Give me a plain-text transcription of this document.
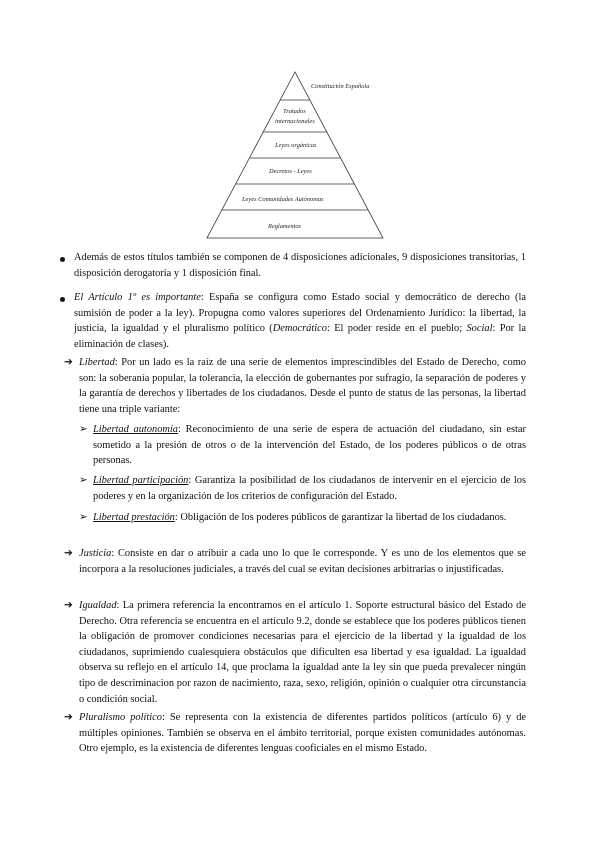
Constitución Española
Tratados
internacionales
Leyes orgánicas
Decretos - Leyes
Leyes Comunidades Autónomas
Reglamentos
Además de estos títulos también se componen de 4 disposiciones adicionales, 9 disposiciones transitorias, 1 disposición derogatoria y 1 disposición final.
El Artículo 1º es importante: España se configura como Estado social y democrático de derecho (la sumisión de poder a la ley). Propugna como valores superiores del Ordenamiento Jurídico: la libertad, la justicia, la igualdad y el pluralismo político (Democrático: El poder reside en el pueblo; Social: Por la eliminación de clases).
➔ Libertad: Por un lado es la raíz de una serie de elementos imprescindibles del Estado de Derecho, como son: la soberanía popular, la tolerancia, la elección de gobernantes por sufragio, la separación de poderes y la garantía de derechos y libertades de los ciudadanos. Desde el punto de status de las personas, la libertad tiene una triple variante:
➢ Libertad autonomía: Reconocimiento de una serie de espera de actuación del ciudadano, sin estar sometido a la presión de otros o de la intervención del Estado, de los poderes públicos o de otras personas.
➢ Libertad participación: Garantiza la posibilidad de los ciudadanos de intervenir en el ejercicio de los poderes y en la organización de los criterios de configuración del Estado.
➢ Libertad prestación: Obligación de los poderes públicos de garantizar la libertad de los ciudadanos.
➔ Justicia: Consiste en dar o atribuir a cada uno lo que le corresponde. Y es uno de los elementos que se incorpora a la resoluciones judiciales, a través del cual se evitan decisiones arbitrarias o injustificadas.
➔ Igualdad: La primera referencia la encontramos en el artículo 1. Soporte estructural básico del Estado de Derecho. Otra referencia se encuentra en el artículo 9.2, donde se establece que los poderes públicos tienen la obligación de promover condiciones necesarias para el ejercicio de la libertad y la igualdad de los ciudadanos, suprimiendo cualesquiera obstáculos que dificulten esa libertad y esa igualdad. La igualdad observa su reflejo en el artículo 14, que proclama la igualdad ante la ley sin que pueda prevalecer ningún tipo de descriminacion por razon de nacimiento, raza, sexo, religión, opinión o cualquier otra circunstancia o condición social.
➔ Pluralismo político: Se representa con la existencia de diferentes partidos políticos (artículo 6) y de múltiples opiniones. También se observa en el ámbito territorial, porque existen comunidades autónomas. Otro ejemplo, es la existencia de diferentes lenguas cooficiales en el mismo Estado.
